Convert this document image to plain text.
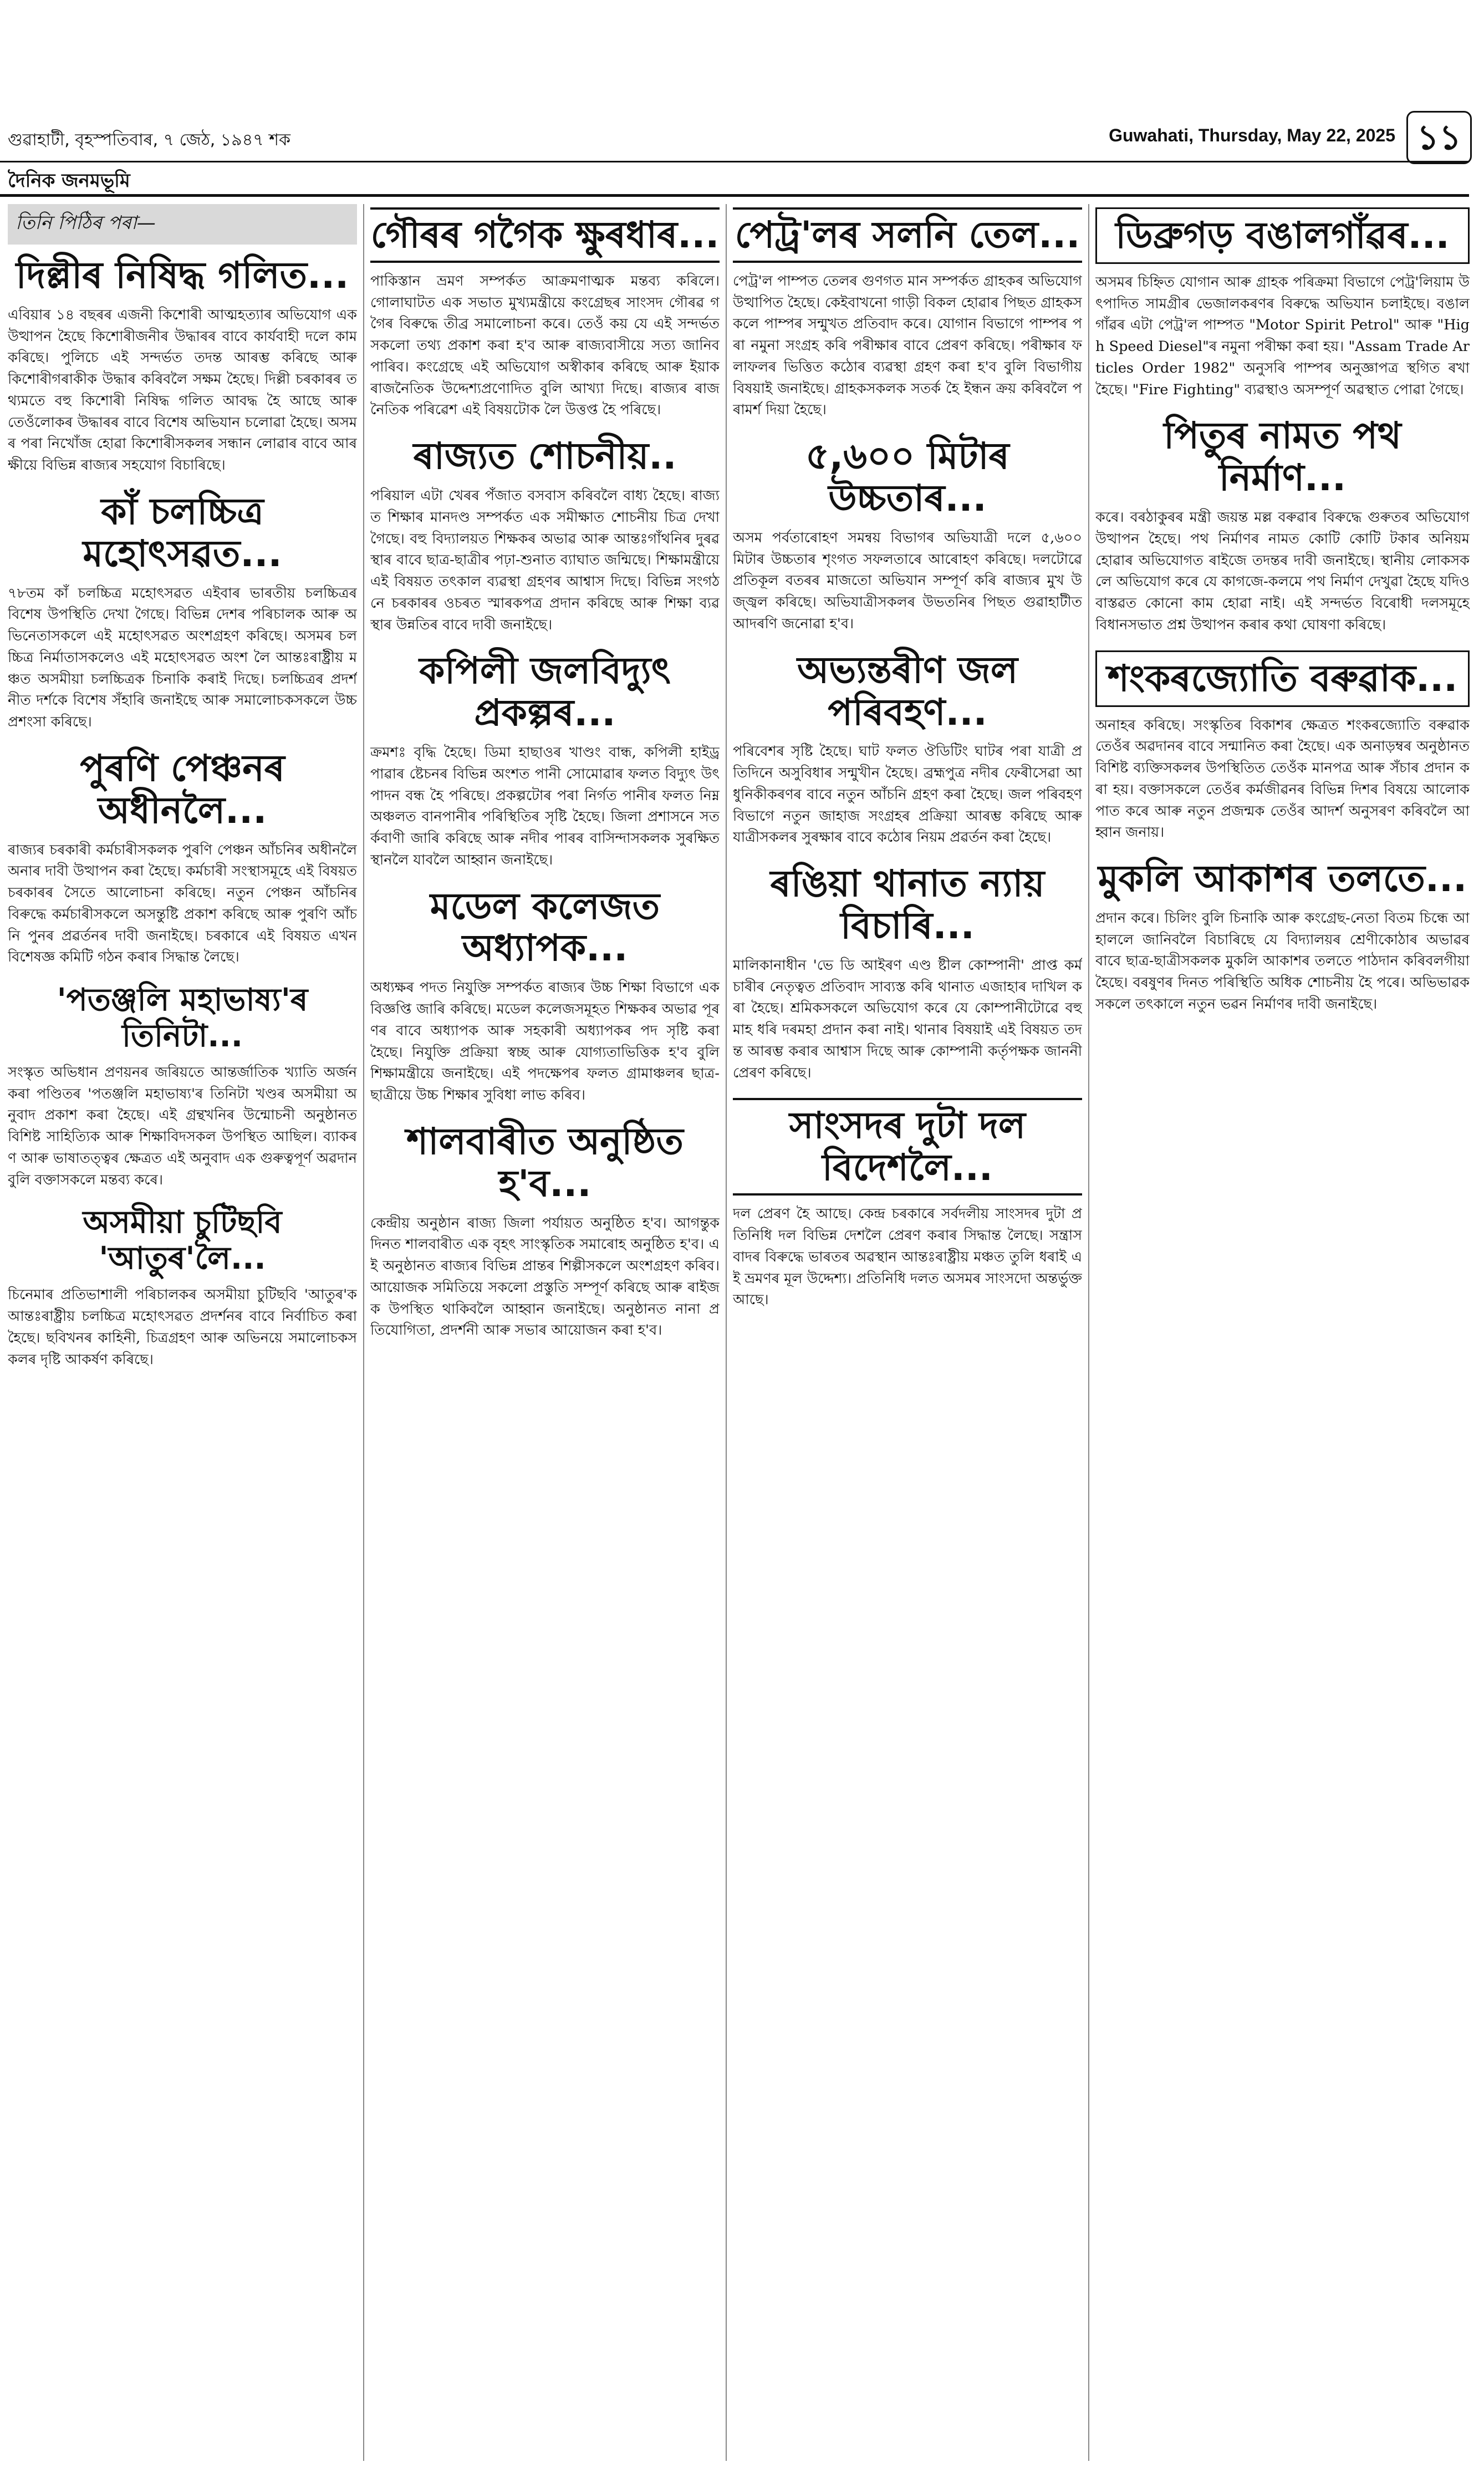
গুৱাহাটী, বৃহস্পতিবাৰ, ৭ জেঠ, ১৯৪৭ শক	Guwahati, Thursday, May 22, 2025 ১১
দৈনিক জনমভূমি
তিনি পিঠিৰ পৰা—
দিল্লীৰ নিষিদ্ধ গলিত...
এবিয়াৰ ১৪ বছৰৰ এজনী কিশোৰী আত্মহত্যাৰ অভিযোগ এক উত্থাপন হৈছে কিশোৰীজনীৰ উদ্ধাৰৰ বাবে কাৰ্যবাহী দলে কাম কৰিছে। পুলিচে এই সন্দৰ্ভত তদন্ত আৰম্ভ কৰিছে আৰু কিশোৰীগৰাকীক উদ্ধাৰ কৰিবলৈ সক্ষম হৈছে। দিল্লী চৰকাৰৰ তথ্যমতে বহু কিশোৰী নিষিদ্ধ গলিত আবদ্ধ হৈ আছে আৰু তেওঁলোকৰ উদ্ধাৰৰ বাবে বিশেষ অভিযান চলোৱা হৈছে। অসমৰ পৰা নিখোঁজ হোৱা কিশোৰীসকলৰ সন্ধান লোৱাৰ বাবে আৰক্ষীয়ে বিভিন্ন ৰাজ্যৰ সহযোগ বিচাৰিছে।
কাঁ চলচ্চিত্ৰ মহোৎসৱত...
৭৮তম কাঁ চলচ্চিত্ৰ মহোৎসৱত এইবাৰ ভাৰতীয় চলচ্চিত্ৰৰ বিশেষ উপস্থিতি দেখা গৈছে। বিভিন্ন দেশৰ পৰিচালক আৰু অভিনেতাসকলে এই মহোৎসৱত অংশগ্ৰহণ কৰিছে। অসমৰ চলচ্চিত্ৰ নিৰ্মাতাসকলেও এই মহোৎসৱত অংশ লৈ আন্তঃৰাষ্ট্ৰীয় মঞ্চত অসমীয়া চলচ্চিত্ৰক চিনাকি কৰাই দিছে। চলচ্চিত্ৰৰ প্ৰদৰ্শনীত দৰ্শকে বিশেষ সঁহাৰি জনাইছে আৰু সমালোচকসকলে উচ্চ প্ৰশংসা কৰিছে।
পুৰণি পেঞ্চনৰ অধীনলৈ...
ৰাজ্যৰ চৰকাৰী কৰ্মচাৰীসকলক পুৰণি পেঞ্চন আঁচনিৰ অধীনলৈ অনাৰ দাবী উত্থাপন কৰা হৈছে। কৰ্মচাৰী সংস্থাসমূহে এই বিষয়ত চৰকাৰৰ সৈতে আলোচনা কৰিছে। নতুন পেঞ্চন আঁচনিৰ বিৰুদ্ধে কৰ্মচাৰীসকলে অসন্তুষ্টি প্ৰকাশ কৰিছে আৰু পুৰণি আঁচনি পুনৰ প্ৰৱৰ্তনৰ দাবী জনাইছে। চৰকাৰে এই বিষয়ত এখন বিশেষজ্ঞ কমিটি গঠন কৰাৰ সিদ্ধান্ত লৈছে।
'পতঞ্জলি মহাভাষ্য'ৰ তিনিটা...
সংস্কৃত অভিধান প্ৰণয়নৰ জৰিয়তে আন্তৰ্জাতিক খ্যাতি অৰ্জন কৰা পণ্ডিতৰ 'পতঞ্জলি মহাভাষ্য'ৰ তিনিটা খণ্ডৰ অসমীয়া অনুবাদ প্ৰকাশ কৰা হৈছে। এই গ্ৰন্থখনিৰ উন্মোচনী অনুষ্ঠানত বিশিষ্ট সাহিত্যিক আৰু শিক্ষাবিদসকল উপস্থিত আছিল। ব্যাকৰণ আৰু ভাষাতত্ত্বৰ ক্ষেত্ৰত এই অনুবাদ এক গুৰুত্বপূৰ্ণ অৱদান বুলি বক্তাসকলে মন্তব্য কৰে।
অসমীয়া চুটিছবি 'আতুৰ'লৈ...
চিনেমাৰ প্ৰতিভাশালী পৰিচালকৰ অসমীয়া চুটিছবি 'আতুৰ'ক আন্তঃৰাষ্ট্ৰীয় চলচ্চিত্ৰ মহোৎসৱত প্ৰদৰ্শনৰ বাবে নিৰ্বাচিত কৰা হৈছে। ছবিখনৰ কাহিনী, চিত্ৰগ্ৰহণ আৰু অভিনয়ে সমালোচকসকলৰ দৃষ্টি আকৰ্ষণ কৰিছে।
গৌৰৰ গগৈক ক্ষুৰধাৰ...
পাকিস্তান ভ্ৰমণ সম্পৰ্কত আক্ৰমণাত্মক মন্তব্য কৰিলে। গোলাঘাটত এক সভাত মুখ্যমন্ত্ৰীয়ে কংগ্ৰেছৰ সাংসদ গৌৰৱ গগৈৰ বিৰুদ্ধে তীব্ৰ সমালোচনা কৰে। তেওঁ কয় যে এই সন্দৰ্ভত সকলো তথ্য প্ৰকাশ কৰা হ'ব আৰু ৰাজ্যবাসীয়ে সত্য জানিব পাৰিব। কংগ্ৰেছে এই অভিযোগ অস্বীকাৰ কৰিছে আৰু ইয়াক ৰাজনৈতিক উদ্দেশ্যপ্ৰণোদিত বুলি আখ্যা দিছে। ৰাজ্যৰ ৰাজনৈতিক পৰিৱেশ এই বিষয়টোক লৈ উত্তপ্ত হৈ পৰিছে।
ৰাজ্যত শোচনীয়..
পৰিয়াল এটা খেৰৰ পঁজাত বসবাস কৰিবলৈ বাধ্য হৈছে। ৰাজ্যত শিক্ষাৰ মানদণ্ড সম্পৰ্কত এক সমীক্ষাত শোচনীয় চিত্ৰ দেখা গৈছে। বহু বিদ্যালয়ত শিক্ষকৰ অভাৱ আৰু আন্তঃগাঁথনিৰ দুৰৱস্থাৰ বাবে ছাত্ৰ-ছাত্ৰীৰ পঢ়া-শুনাত ব্যাঘাত জন্মিছে। শিক্ষামন্ত্ৰীয়ে এই বিষয়ত তৎকাল ব্যৱস্থা গ্ৰহণৰ আশ্বাস দিছে। বিভিন্ন সংগঠনে চৰকাৰৰ ওচৰত স্মাৰকপত্ৰ প্ৰদান কৰিছে আৰু শিক্ষা ব্যৱস্থাৰ উন্নতিৰ বাবে দাবী জনাইছে।
কপিলী জলবিদ্যুৎ প্ৰকল্পৰ...
ক্ৰমশঃ বৃদ্ধি হৈছে। ডিমা হাছাওৰ খাণ্ডং বান্ধ, কপিলী হাইড্ৰ পাৱাৰ ষ্টেচনৰ বিভিন্ন অংশত পানী সোমোৱাৰ ফলত বিদ্যুৎ উৎপাদন বন্ধ হৈ পৰিছে। প্ৰকল্পটোৰ পৰা নিৰ্গত পানীৰ ফলত নিম্ন অঞ্চলত বানপানীৰ পৰিস্থিতিৰ সৃষ্টি হৈছে। জিলা প্ৰশাসনে সতৰ্কবাণী জাৰি কৰিছে আৰু নদীৰ পাৰৰ বাসিন্দাসকলক সুৰক্ষিত স্থানলৈ যাবলৈ আহ্বান জনাইছে।
মডেল কলেজত অধ্যাপক...
অধ্যক্ষৰ পদত নিযুক্তি সম্পৰ্কত ৰাজ্যৰ উচ্চ শিক্ষা বিভাগে এক বিজ্ঞপ্তি জাৰি কৰিছে। মডেল কলেজসমূহত শিক্ষকৰ অভাৱ পূৰণৰ বাবে অধ্যাপক আৰু সহকাৰী অধ্যাপকৰ পদ সৃষ্টি কৰা হৈছে। নিযুক্তি প্ৰক্ৰিয়া স্বচ্ছ আৰু যোগ্যতাভিত্তিক হ'ব বুলি শিক্ষামন্ত্ৰীয়ে জনাইছে। এই পদক্ষেপৰ ফলত গ্ৰামাঞ্চলৰ ছাত্ৰ-ছাত্ৰীয়ে উচ্চ শিক্ষাৰ সুবিধা লাভ কৰিব।
শালবাৰীত অনুষ্ঠিত হ'ব...
কেন্দ্ৰীয় অনুষ্ঠান ৰাজ্য জিলা পৰ্যায়ত অনুষ্ঠিত হ'ব। আগন্তুক দিনত শালবাৰীত এক বৃহৎ সাংস্কৃতিক সমাৰোহ অনুষ্ঠিত হ'ব। এই অনুষ্ঠানত ৰাজ্যৰ বিভিন্ন প্ৰান্তৰ শিল্পীসকলে অংশগ্ৰহণ কৰিব। আয়োজক সমিতিয়ে সকলো প্ৰস্তুতি সম্পূৰ্ণ কৰিছে আৰু ৰাইজক উপস্থিত থাকিবলৈ আহ্বান জনাইছে। অনুষ্ঠানত নানা প্ৰতিযোগিতা, প্ৰদৰ্শনী আৰু সভাৰ আয়োজন কৰা হ'ব।
পেট্ৰ'লৰ সলনি তেল...
পেট্ৰ'ল পাম্পত তেলৰ গুণগত মান সম্পৰ্কত গ্ৰাহকৰ অভিযোগ উত্থাপিত হৈছে। কেইবাখনো গাড়ী বিকল হোৱাৰ পিছত গ্ৰাহকসকলে পাম্পৰ সন্মুখত প্ৰতিবাদ কৰে। যোগান বিভাগে পাম্পৰ পৰা নমুনা সংগ্ৰহ কৰি পৰীক্ষাৰ বাবে প্ৰেৰণ কৰিছে। পৰীক্ষাৰ ফলাফলৰ ভিত্তিত কঠোৰ ব্যৱস্থা গ্ৰহণ কৰা হ'ব বুলি বিভাগীয় বিষয়াই জনাইছে। গ্ৰাহকসকলক সতৰ্ক হৈ ইন্ধন ক্ৰয় কৰিবলৈ পৰামৰ্শ দিয়া হৈছে।
৫,৬০০ মিটাৰ উচ্চতাৰ...
অসম পৰ্বতাৰোহণ সমন্বয় বিভাগৰ অভিযাত্ৰী দলে ৫,৬০০ মিটাৰ উচ্চতাৰ শৃংগত সফলতাৰে আৰোহণ কৰিছে। দলটোৱে প্ৰতিকূল বতৰৰ মাজতো অভিযান সম্পূৰ্ণ কৰি ৰাজ্যৰ মুখ উজ্জ্বল কৰিছে। অভিযাত্ৰীসকলৰ উভতনিৰ পিছত গুৱাহাটীত আদৰণি জনোৱা হ'ব।
অভ্যন্তৰীণ জল পৰিবহণ...
পৰিবেশৰ সৃষ্টি হৈছে। ঘাট ফলত ঔডিটিং ঘাটৰ পৰা যাত্ৰী প্ৰতিদিনে অসুবিধাৰ সন্মুখীন হৈছে। ব্ৰহ্মপুত্ৰ নদীৰ ফেৰীসেৱা আধুনিকীকৰণৰ বাবে নতুন আঁচনি গ্ৰহণ কৰা হৈছে। জল পৰিবহণ বিভাগে নতুন জাহাজ সংগ্ৰহৰ প্ৰক্ৰিয়া আৰম্ভ কৰিছে আৰু যাত্ৰীসকলৰ সুৰক্ষাৰ বাবে কঠোৰ নিয়ম প্ৰৱৰ্তন কৰা হৈছে।
ৰঙিয়া থানাত ন্যায় বিচাৰি...
মালিকানাধীন 'ভে ডি আইৰণ এণ্ড ষ্টীল কোম্পানী' প্ৰাপ্ত কৰ্মচাৰীৰ নেতৃত্বত প্ৰতিবাদ সাব্যস্ত কৰি থানাত এজাহাৰ দাখিল কৰা হৈছে। শ্ৰমিকসকলে অভিযোগ কৰে যে কোম্পানীটোৱে বহু মাহ ধৰি দৰমহা প্ৰদান কৰা নাই। থানাৰ বিষয়াই এই বিষয়ত তদন্ত আৰম্ভ কৰাৰ আশ্বাস দিছে আৰু কোম্পানী কৰ্তৃপক্ষক জাননী প্ৰেৰণ কৰিছে।
সাংসদৰ দুটা দল বিদেশলৈ...
দল প্ৰেৰণ হৈ আছে। কেন্দ্ৰ চৰকাৰে সৰ্বদলীয় সাংসদৰ দুটা প্ৰতিনিধি দল বিভিন্ন দেশলৈ প্ৰেৰণ কৰাৰ সিদ্ধান্ত লৈছে। সন্ত্ৰাসবাদৰ বিৰুদ্ধে ভাৰতৰ অৱস্থান আন্তঃৰাষ্ট্ৰীয় মঞ্চত তুলি ধৰাই এই ভ্ৰমণৰ মূল উদ্দেশ্য। প্ৰতিনিধি দলত অসমৰ সাংসদো অন্তৰ্ভুক্ত আছে।
ডিব্ৰুগড় বঙালগাঁৱৰ...
অসমৰ চিহ্নিত যোগান আৰু গ্ৰাহক পৰিক্ৰমা বিভাগে পেট্ৰ'লিয়াম উৎপাদিত সামগ্ৰীৰ ভেজালকৰণৰ বিৰুদ্ধে অভিযান চলাইছে। বঙালগাঁৱৰ এটা পেট্ৰ'ল পাম্পত "Motor Spirit Petrol" আৰু "High Speed Diesel"ৰ নমুনা পৰীক্ষা কৰা হয়। "Assam Trade Articles Order 1982" অনুসৰি পাম্পৰ অনুজ্ঞাপত্ৰ স্থগিত ৰখা হৈছে। "Fire Fighting" ব্যৱস্থাও অসম্পূৰ্ণ অৱস্থাত পোৱা গৈছে।
পিতুৰ নামত পথ নিৰ্মাণ...
কৰে। বৰঠাকুৰৰ মন্ত্ৰী জয়ন্ত মল্ল বৰুৱাৰ বিৰুদ্ধে গুৰুতৰ অভিযোগ উত্থাপন হৈছে। পথ নিৰ্মাণৰ নামত কোটি কোটি টকাৰ অনিয়ম হোৱাৰ অভিযোগত ৰাইজে তদন্তৰ দাবী জনাইছে। স্থানীয় লোকসকলে অভিযোগ কৰে যে কাগজে-কলমে পথ নিৰ্মাণ দেখুৱা হৈছে যদিও বাস্তৱত কোনো কাম হোৱা নাই। এই সন্দৰ্ভত বিৰোধী দলসমূহে বিধানসভাত প্ৰশ্ন উত্থাপন কৰাৰ কথা ঘোষণা কৰিছে।
শংকৰজ্যোতি বৰুৱাক...
অনাহৰ কৰিছে। সংস্কৃতিৰ বিকাশৰ ক্ষেত্ৰত শংকৰজ্যোতি বৰুৱাক তেওঁৰ অৱদানৰ বাবে সন্মানিত কৰা হৈছে। এক অনাড়ম্বৰ অনুষ্ঠানত বিশিষ্ট ব্যক্তিসকলৰ উপস্থিতিত তেওঁক মানপত্ৰ আৰু সঁচাৰ প্ৰদান কৰা হয়। বক্তাসকলে তেওঁৰ কৰ্মজীৱনৰ বিভিন্ন দিশৰ বিষয়ে আলোকপাত কৰে আৰু নতুন প্ৰজন্মক তেওঁৰ আদৰ্শ অনুসৰণ কৰিবলৈ আহ্বান জনায়।
মুকলি আকাশৰ তলতে...
প্ৰদান কৰে। চিলিং বুলি চিনাকি আৰু কংগ্ৰেছ-নেতা বিতম চিন্ধে আহাললে জানিবলৈ বিচাৰিছে যে বিদ্যালয়ৰ শ্ৰেণীকোঠাৰ অভাৱৰ বাবে ছাত্ৰ-ছাত্ৰীসকলক মুকলি আকাশৰ তলতে পাঠদান কৰিবলগীয়া হৈছে। বৰষুণৰ দিনত পৰিস্থিতি অধিক শোচনীয় হৈ পৰে। অভিভাৱকসকলে তৎকালে নতুন ভৱন নিৰ্মাণৰ দাবী জনাইছে।
